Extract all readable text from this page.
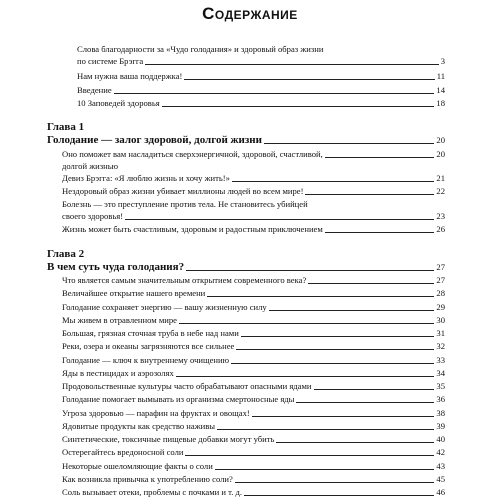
Содержание
Слова благодарности за «Чудо голодания» и здоровый образ жизни
по системе Брэгга	3
Нам нужна ваша поддержка!	11
Введение	14
10 Заповедей здоровья	18
Глава 1
Голодание — залог здоровой, долгой жизни	20
Оно поможет вам насладиться сверхэнергичной, здоровой, счастливой,	20
долгой жизнью
Девиз Брэгга: «Я люблю жизнь и хочу жить!»	21
Нездоровый образ жизни убивает миллионы людей во всем мире!	22
Болезнь — это преступление против тела. Не становитесь убийцей
своего здоровья!	23
Жизнь может быть счастливым, здоровым и радостным приключением	26
Глава 2
В чем суть чуда голодания?	27
Что является самым значительным открытием современного века?	27
Величайшее открытие нашего времени	28
Голодание сохраняет энергию — вашу жизненную силу	29
Мы живем в отравленном мире	30
Большая, грязная сточная труба в небе над нами	31
Реки, озера и океаны загрязняются все сильнее	32
Голодание — ключ к внутреннему очищению	33
Яды в пестицидах и аэрозолях	34
Продовольственные культуры часто обрабатывают опасными ядами	35
Голодание помогает вымывать из организма смертоносные яды	36
Угроза здоровью — парафин на фруктах и овощах!	38
Ядовитые продукты как средство наживы	39
Синтетические, токсичные пищевые добавки могут убить	40
Остерегайтесь вредоносной соли	42
Некоторые ошеломляющие факты о соли	43
Как возникла привычка к употреблению соли?	45
Соль вызывает отеки, проблемы с почками и т. д.	46
